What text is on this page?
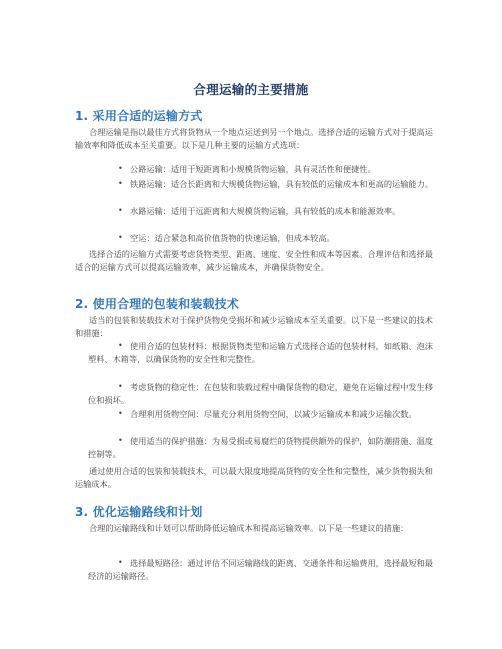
合理运输的主要措施
1. 采用合适的运输方式
合理运输是指以最佳方式将货物从一个地点运送到另一个地点。选择合适的运输方式对于提高运输效率和降低成本至关重要。以下是几种主要的运输方式选项：
• 公路运输：适用于短距离和小规模货物运输，具有灵活性和便捷性。
• 铁路运输：适合长距离和大规模货物运输，具有较低的运输成本和更高的运输能力。
• 水路运输：适用于远距离和大规模货物运输，具有较低的成本和能源效率。
• 空运：适合紧急和高价值货物的快速运输，但成本较高。
选择合适的运输方式需要考虑货物类型、距离、速度、安全性和成本等因素。合理评估和选择最适合的运输方式可以提高运输效率，减少运输成本，并确保货物安全。
2. 使用合理的包装和装载技术
适当的包装和装载技术对于保护货物免受损坏和减少运输成本至关重要。以下是一些建议的技术和措施：
• 使用合适的包装材料：根据货物类型和运输方式选择合适的包装材料，如纸箱、泡沫塑料、木箱等，以确保货物的安全性和完整性。
• 考虑货物的稳定性：在包装和装载过程中确保货物的稳定，避免在运输过程中发生移位和损坏。
• 合理利用货物空间：尽量充分利用货物空间，以减少运输成本和减少运输次数。
• 使用适当的保护措施：为易受损或易腐烂的货物提供额外的保护，如防潮措施、温度控制等。
通过使用合适的包装和装载技术，可以最大限度地提高货物的安全性和完整性，减少货物损失和运输成本。
3. 优化运输路线和计划
合理的运输路线和计划可以帮助降低运输成本和提高运输效率。以下是一些建议的措施：
• 选择最短路径：通过评估不同运输路线的距离、交通条件和运输费用，选择最短和最经济的运输路径。
